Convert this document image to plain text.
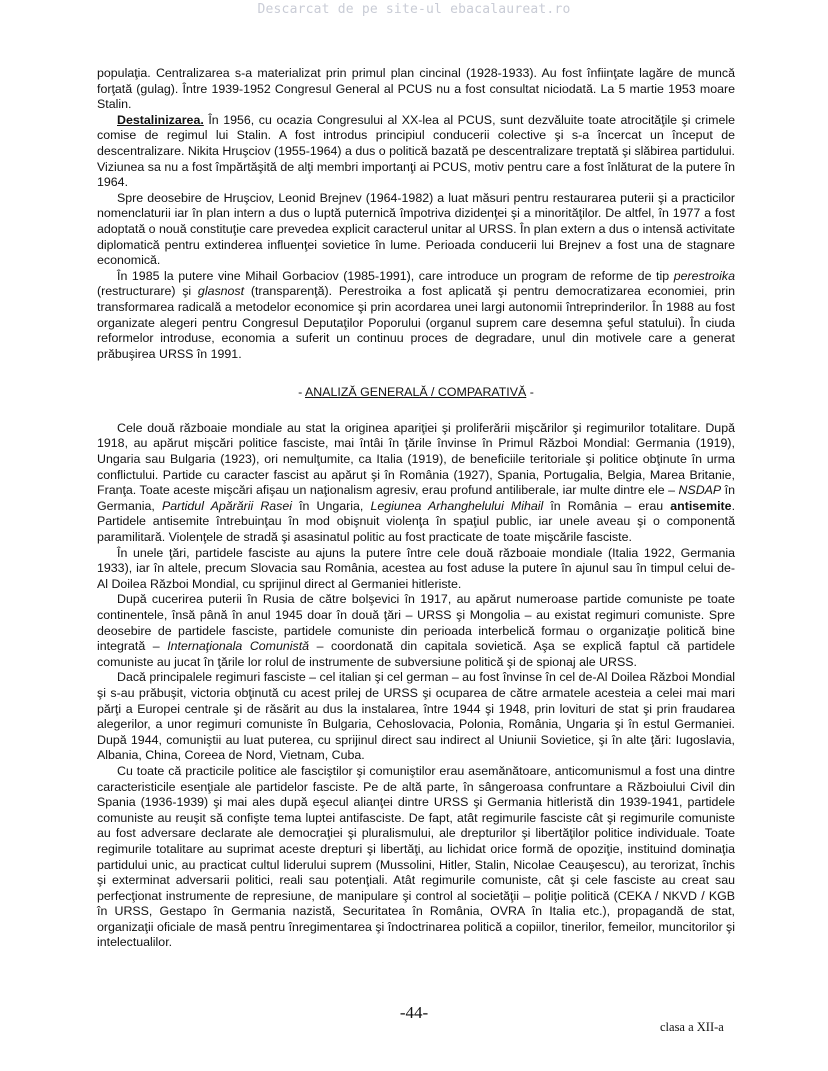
Descarcat de pe site-ul ebacalaureat.ro

populaţia. Centralizarea s-a materializat prin primul plan cincinal (1928-1933). Au fost înfiinţate lagăre de muncă forţată (gulag). Între 1939-1952 Congresul General al PCUS nu a fost consultat niciodată. La 5 martie 1953 moare Stalin.

Destalinizarea. În 1956, cu ocazia Congresului al XX-lea al PCUS, sunt dezvăluite toate atrocităţile şi crimele comise de regimul lui Stalin. A fost introdus principiul conducerii colective şi s-a încercat un început de descentralizare. Nikita Hruşciov (1955-1964) a dus o politică bazată pe descentralizare treptată şi slăbirea partidului. Viziunea sa nu a fost împărtăşită de alţi membri importanţi ai PCUS, motiv pentru care a fost înlăturat de la putere în 1964.

Spre deosebire de Hruşciov, Leonid Brejnev (1964-1982) a luat măsuri pentru restaurarea puterii şi a practicilor nomenclaturii iar în plan intern a dus o luptă puternică împotriva dizidenţei şi a minorităţilor. De altfel, în 1977 a fost adoptată o nouă constituţie care prevedea explicit caracterul unitar al URSS. În plan extern a dus o intensă activitate diplomatică pentru extinderea influenţei sovietice în lume. Perioada conducerii lui Brejnev a fost una de stagnare economică.

În 1985 la putere vine Mihail Gorbaciov (1985-1991), care introduce un program de reforme de tip perestroika (restructurare) şi glasnost (transparenţă). Perestroika a fost aplicată şi pentru democratizarea economiei, prin transformarea radicală a metodelor economice şi prin acordarea unei largi autonomii întreprinderilor. În 1988 au fost organizate alegeri pentru Congresul Deputaţilor Poporului (organul suprem care desemna şeful statului). În ciuda reformelor introduse, economia a suferit un continuu proces de degradare, unul din motivele care a generat prăbuşirea URSS în 1991.

- ANALIZĂ GENERALĂ / COMPARATIVĂ -

Cele două războaie mondiale au stat la originea apariţiei şi proliferării mişcărilor şi regimurilor totalitare. După 1918, au apărut mişcări politice fasciste, mai întâi în ţările învinse în Primul Război Mondial: Germania (1919), Ungaria sau Bulgaria (1923), ori nemulţumite, ca Italia (1919), de beneficiile teritoriale şi politice obţinute în urma conflictului. Partide cu caracter fascist au apărut şi în România (1927), Spania, Portugalia, Belgia, Marea Britanie, Franţa. Toate aceste mişcări afişau un naţionalism agresiv, erau profund antiliberale, iar multe dintre ele – NSDAP în Germania, Partidul Apărării Rasei în Ungaria, Legiunea Arhanghelului Mihail în România – erau antisemite. Partidele antisemite întrebuinţau în mod obişnuit violenţa în spaţiul public, iar unele aveau şi o componentă paramilitară. Violenţele de stradă şi asasinatul politic au fost practicate de toate mişcările fasciste.

În unele ţări, partidele fasciste au ajuns la putere între cele două războaie mondiale (Italia 1922, Germania 1933), iar în altele, precum Slovacia sau România, acestea au fost aduse la putere în ajunul sau în timpul celui de-Al Doilea Război Mondial, cu sprijinul direct al Germaniei hitleriste.

După cucerirea puterii în Rusia de către bolşevici în 1917, au apărut numeroase partide comuniste pe toate continentele, însă până în anul 1945 doar în două ţări – URSS şi Mongolia – au existat regimuri comuniste. Spre deosebire de partidele fasciste, partidele comuniste din perioada interbelică formau o organizaţie politică bine integrată – Internaţionala Comunistă – coordonată din capitala sovietică. Aşa se explică faptul că partidele comuniste au jucat în ţările lor rolul de instrumente de subversiune politică şi de spionaj ale URSS.

Dacă principalele regimuri fasciste – cel italian şi cel german – au fost învinse în cel de-Al Doilea Război Mondial şi s-au prăbuşit, victoria obţinută cu acest prilej de URSS şi ocuparea de către armatele acesteia a celei mai mari părţi a Europei centrale şi de răsărit au dus la instalarea, între 1944 şi 1948, prin lovituri de stat şi prin fraudarea alegerilor, a unor regimuri comuniste în Bulgaria, Cehoslovacia, Polonia, România, Ungaria şi în estul Germaniei. După 1944, comuniştii au luat puterea, cu sprijinul direct sau indirect al Uniunii Sovietice, şi în alte ţări: Iugoslavia, Albania, China, Coreea de Nord, Vietnam, Cuba.

Cu toate că practicile politice ale fasciştilor şi comuniştilor erau asemănătoare, anticomunismul a fost una dintre caracteristicile esenţiale ale partidelor fasciste. Pe de altă parte, în sângeroasa confruntare a Războiului Civil din Spania (1936-1939) şi mai ales după eşecul alianţei dintre URSS şi Germania hitleristă din 1939-1941, partidele comuniste au reuşit să confişte tema luptei antifasciste. De fapt, atât regimurile fasciste cât şi regimurile comuniste au fost adversare declarate ale democraţiei şi pluralismului, ale drepturilor şi libertăţilor politice individuale. Toate regimurile totalitare au suprimat aceste drepturi şi libertăţi, au lichidat orice formă de opoziţie, instituind dominaţia partidului unic, au practicat cultul liderului suprem (Mussolini, Hitler, Stalin, Nicolae Ceauşescu), au terorizat, închis şi exterminat adversarii politici, reali sau potenţiali. Atât regimurile comuniste, cât şi cele fasciste au creat sau perfecţionat instrumente de represiune, de manipulare şi control al societăţii – poliţie politică (CEKA / NKVD / KGB în URSS, Gestapo în Germania nazistă, Securitatea în România, OVRA în Italia etc.), propagandă de stat, organizaţii oficiale de masă pentru înregimentarea şi îndoctrinarea politică a copiilor, tinerilor, femeilor, muncitorilor şi intelectualilor.

-44-
clasa a XII-a
